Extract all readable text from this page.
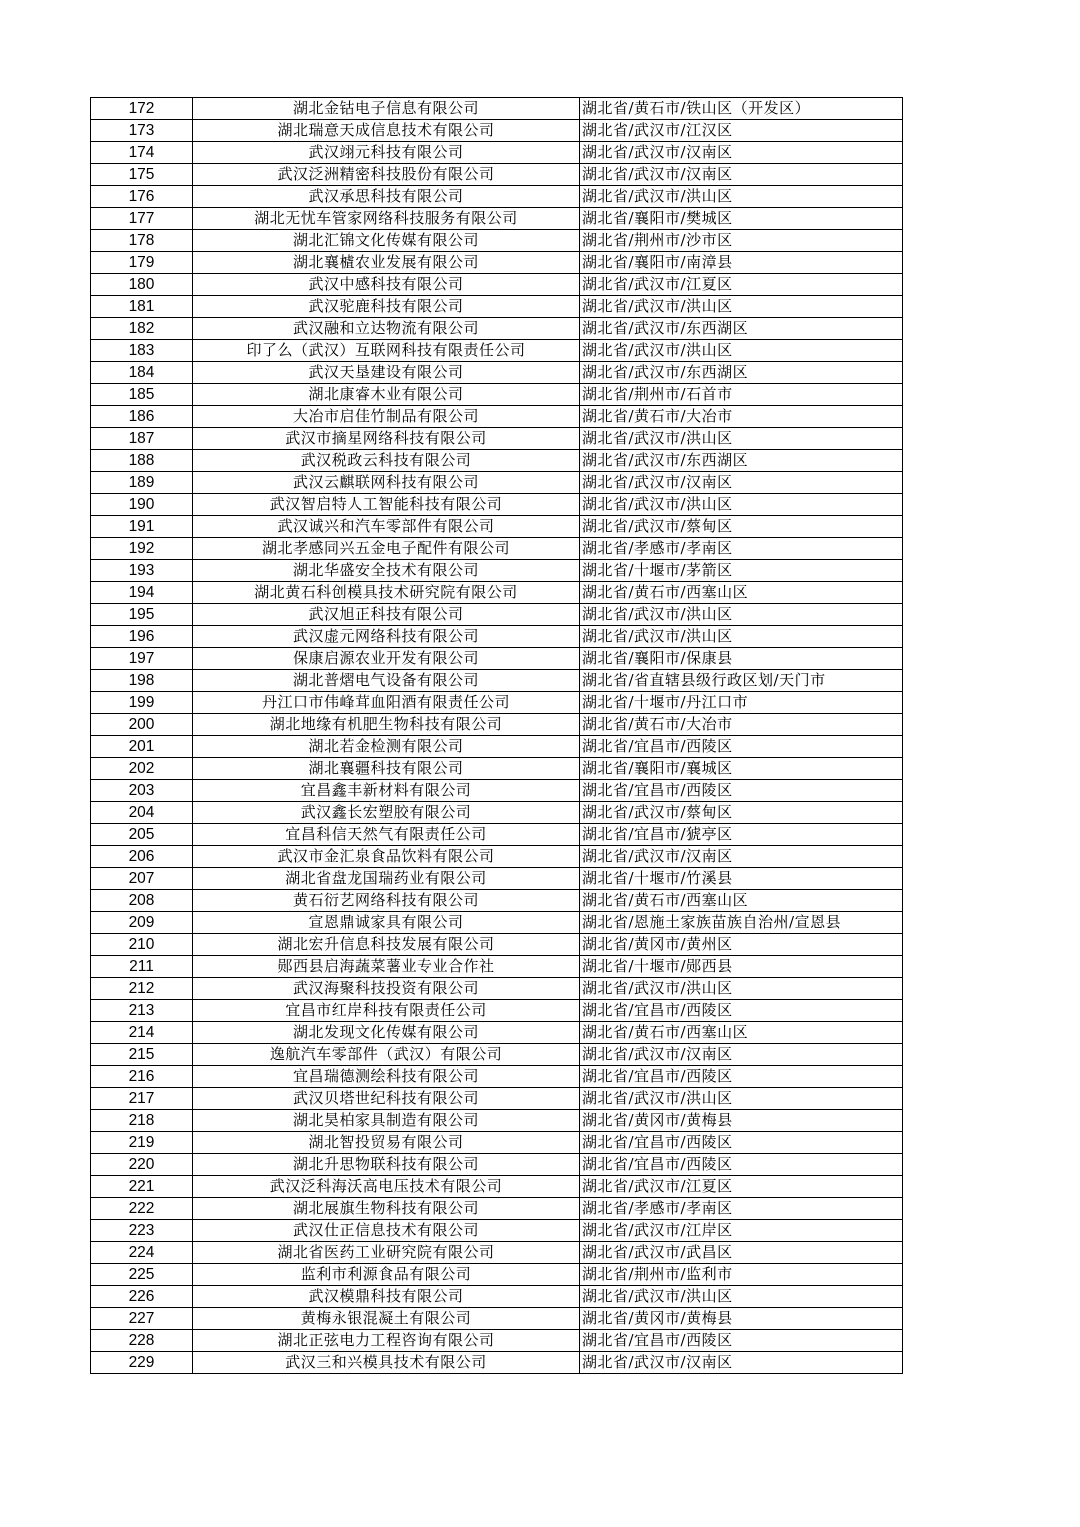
172	湖北金钴电子信息有限公司	湖北省/黄石市/铁山区（开发区）
173	湖北瑞意天成信息技术有限公司	湖北省/武汉市/江汉区
174	武汉翊元科技有限公司	湖北省/武汉市/汉南区
175	武汉泛洲精密科技股份有限公司	湖北省/武汉市/汉南区
176	武汉承思科技有限公司	湖北省/武汉市/洪山区
177	湖北无忧车管家网络科技服务有限公司	湖北省/襄阳市/樊城区
178	湖北汇锦文化传媒有限公司	湖北省/荆州市/沙市区
179	湖北襄樝农业发展有限公司	湖北省/襄阳市/南漳县
180	武汉中感科技有限公司	湖北省/武汉市/江夏区
181	武汉驼鹿科技有限公司	湖北省/武汉市/洪山区
182	武汉融和立达物流有限公司	湖北省/武汉市/东西湖区
183	印了么（武汉）互联网科技有限责任公司	湖北省/武汉市/洪山区
184	武汉天垦建设有限公司	湖北省/武汉市/东西湖区
185	湖北康睿木业有限公司	湖北省/荆州市/石首市
186	大冶市启佳竹制品有限公司	湖北省/黄石市/大冶市
187	武汉市摘星网络科技有限公司	湖北省/武汉市/洪山区
188	武汉税政云科技有限公司	湖北省/武汉市/东西湖区
189	武汉云麒联网科技有限公司	湖北省/武汉市/汉南区
190	武汉智启特人工智能科技有限公司	湖北省/武汉市/洪山区
191	武汉诚兴和汽车零部件有限公司	湖北省/武汉市/蔡甸区
192	湖北孝感同兴五金电子配件有限公司	湖北省/孝感市/孝南区
193	湖北华盛安全技术有限公司	湖北省/十堰市/茅箭区
194	湖北黄石科创模具技术研究院有限公司	湖北省/黄石市/西塞山区
195	武汉旭正科技有限公司	湖北省/武汉市/洪山区
196	武汉虚元网络科技有限公司	湖北省/武汉市/洪山区
197	保康启源农业开发有限公司	湖北省/襄阳市/保康县
198	湖北普熠电气设备有限公司	湖北省/省直辖县级行政区划/天门市
199	丹江口市伟峰茸血阳酒有限责任公司	湖北省/十堰市/丹江口市
200	湖北地缘有机肥生物科技有限公司	湖北省/黄石市/大冶市
201	湖北若金检测有限公司	湖北省/宜昌市/西陵区
202	湖北襄疆科技有限公司	湖北省/襄阳市/襄城区
203	宜昌鑫丰新材料有限公司	湖北省/宜昌市/西陵区
204	武汉鑫长宏塑胶有限公司	湖北省/武汉市/蔡甸区
205	宜昌科信天然气有限责任公司	湖北省/宜昌市/猇亭区
206	武汉市金汇泉食品饮料有限公司	湖北省/武汉市/汉南区
207	湖北省盘龙国瑞药业有限公司	湖北省/十堰市/竹溪县
208	黄石衍艺网络科技有限公司	湖北省/黄石市/西塞山区
209	宣恩鼎诚家具有限公司	湖北省/恩施土家族苗族自治州/宣恩县
210	湖北宏升信息科技发展有限公司	湖北省/黄冈市/黄州区
211	郧西县启海蔬菜薯业专业合作社	湖北省/十堰市/郧西县
212	武汉海聚科技投资有限公司	湖北省/武汉市/洪山区
213	宜昌市红岸科技有限责任公司	湖北省/宜昌市/西陵区
214	湖北发现文化传媒有限公司	湖北省/黄石市/西塞山区
215	逸航汽车零部件（武汉）有限公司	湖北省/武汉市/汉南区
216	宜昌瑞德测绘科技有限公司	湖北省/宜昌市/西陵区
217	武汉贝塔世纪科技有限公司	湖北省/武汉市/洪山区
218	湖北昊柏家具制造有限公司	湖北省/黄冈市/黄梅县
219	湖北智投贸易有限公司	湖北省/宜昌市/西陵区
220	湖北升思物联科技有限公司	湖北省/宜昌市/西陵区
221	武汉泛科海沃高电压技术有限公司	湖北省/武汉市/江夏区
222	湖北展旗生物科技有限公司	湖北省/孝感市/孝南区
223	武汉仕正信息技术有限公司	湖北省/武汉市/江岸区
224	湖北省医药工业研究院有限公司	湖北省/武汉市/武昌区
225	监利市利源食品有限公司	湖北省/荆州市/监利市
226	武汉模鼎科技有限公司	湖北省/武汉市/洪山区
227	黄梅永银混凝土有限公司	湖北省/黄冈市/黄梅县
228	湖北正弦电力工程咨询有限公司	湖北省/宜昌市/西陵区
229	武汉三和兴模具技术有限公司	湖北省/武汉市/汉南区
